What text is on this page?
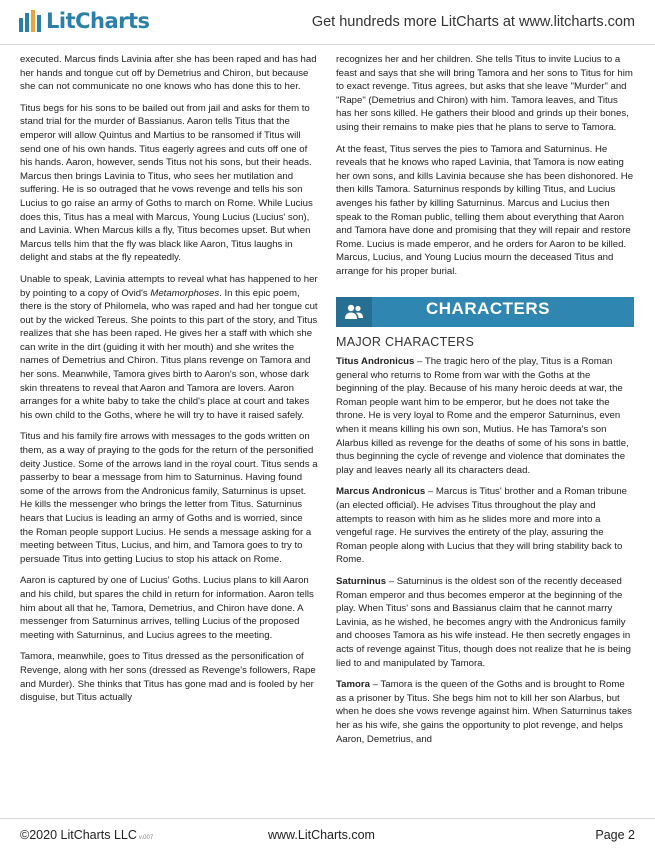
LitCharts	Get hundreds more LitCharts at www.litcharts.com

executed. Marcus finds Lavinia after she has been raped and has had her hands and tongue cut off by Demetrius and Chiron, but because she can not communicate no one knows who has done this to her.

Titus begs for his sons to be bailed out from jail and asks for them to stand trial for the murder of Bassianus. Aaron tells Titus that the emperor will allow Quintus and Martius to be ransomed if Titus will send one of his own hands. Titus eagerly agrees and cuts off one of his hands. Aaron, however, sends Titus not his sons, but their heads. Marcus then brings Lavinia to Titus, who sees her mutilation and suffering. He is so outraged that he vows revenge and tells his son Lucius to go raise an army of Goths to march on Rome. While Lucius does this, Titus has a meal with Marcus, Young Lucius (Lucius' son), and Lavinia. When Marcus kills a fly, Titus becomes upset. But when Marcus tells him that the fly was black like Aaron, Titus laughs in delight and stabs at the fly repeatedly.

Unable to speak, Lavinia attempts to reveal what has happened to her by pointing to a copy of Ovid's Metamorphoses. In this epic poem, there is the story of Philomela, who was raped and had her tongue cut out by the wicked Tereus. She points to this part of the story, and Titus realizes that she has been raped. He gives her a staff with which she can write in the dirt (guiding it with her mouth) and she writes the names of Demetrius and Chiron. Titus plans revenge on Tamora and her sons. Meanwhile, Tamora gives birth to Aaron's son, whose dark skin threatens to reveal that Aaron and Tamora are lovers. Aaron arranges for a white baby to take the child's place at court and takes his own child to the Goths, where he will try to have it raised safely.

Titus and his family fire arrows with messages to the gods written on them, as a way of praying to the gods for the return of the personified deity Justice. Some of the arrows land in the royal court. Titus sends a passerby to bear a message from him to Saturninus. Having found some of the arrows from the Andronicus family, Saturninus is upset. He kills the messenger who brings the letter from Titus. Saturninus hears that Lucius is leading an army of Goths and is worried, since the Roman people support Lucius. He sends a message asking for a meeting between Titus, Lucius, and him, and Tamora goes to try to persuade Titus into getting Lucius to stop his attack on Rome.

Aaron is captured by one of Lucius' Goths. Lucius plans to kill Aaron and his child, but spares the child in return for information. Aaron tells him about all that he, Tamora, Demetrius, and Chiron have done. A messenger from Saturninus arrives, telling Lucius of the proposed meeting with Saturninus, and Lucius agrees to the meeting.

Tamora, meanwhile, goes to Titus dressed as the personification of Revenge, along with her sons (dressed as Revenge's followers, Rape and Murder). She thinks that Titus has gone mad and is fooled by her disguise, but Titus actually

recognizes her and her children. She tells Titus to invite Lucius to a feast and says that she will bring Tamora and her sons to Titus for him to exact revenge. Titus agrees, but asks that she leave "Murder" and "Rape" (Demetrius and Chiron) with him. Tamora leaves, and Titus has her sons killed. He gathers their blood and grinds up their bones, using their remains to make pies that he plans to serve to Tamora.

At the feast, Titus serves the pies to Tamora and Saturninus. He reveals that he knows who raped Lavinia, that Tamora is now eating her own sons, and kills Lavinia because she has been dishonored. He then kills Tamora. Saturninus responds by killing Titus, and Lucius avenges his father by killing Saturninus. Marcus and Lucius then speak to the Roman public, telling them about everything that Aaron and Tamora have done and promising that they will repair and restore Rome. Lucius is made emperor, and he orders for Aaron to be killed. Marcus, Lucius, and Young Lucius mourn the deceased Titus and arrange for his proper burial.

CHARACTERS
MAJOR CHARACTERS

Titus Andronicus – The tragic hero of the play, Titus is a Roman general who returns to Rome from war with the Goths at the beginning of the play. Because of his many heroic deeds at war, the Roman people want him to be emperor, but he does not take the throne. He is very loyal to Rome and the emperor Saturninus, even when it means killing his own son, Mutius. He has Tamora's son Alarbus killed as revenge for the deaths of some of his sons in battle, thus beginning the cycle of revenge and violence that dominates the play and leaves nearly all its characters dead.

Marcus Andronicus – Marcus is Titus' brother and a Roman tribune (an elected official). He advises Titus throughout the play and attempts to reason with him as he slides more and more into a vengeful rage. He survives the entirety of the play, assuring the Roman people along with Lucius that they will bring stability back to Rome.

Saturninus – Saturninus is the oldest son of the recently deceased Roman emperor and thus becomes emperor at the beginning of the play. When Titus' sons and Bassianus claim that he cannot marry Lavinia, as he wished, he becomes angry with the Andronicus family and chooses Tamora as his wife instead. He then secretly engages in acts of revenge against Titus, though does not realize that he is being lied to and manipulated by Tamora.

Tamora – Tamora is the queen of the Goths and is brought to Rome as a prisoner by Titus. She begs him not to kill her son Alarbus, but when he does she vows revenge against him. When Saturninus takes her as his wife, she gains the opportunity to plot revenge, and helps Aaron, Demetrius, and

©2020 LitCharts LLC v.007	www.LitCharts.com	Page 2
